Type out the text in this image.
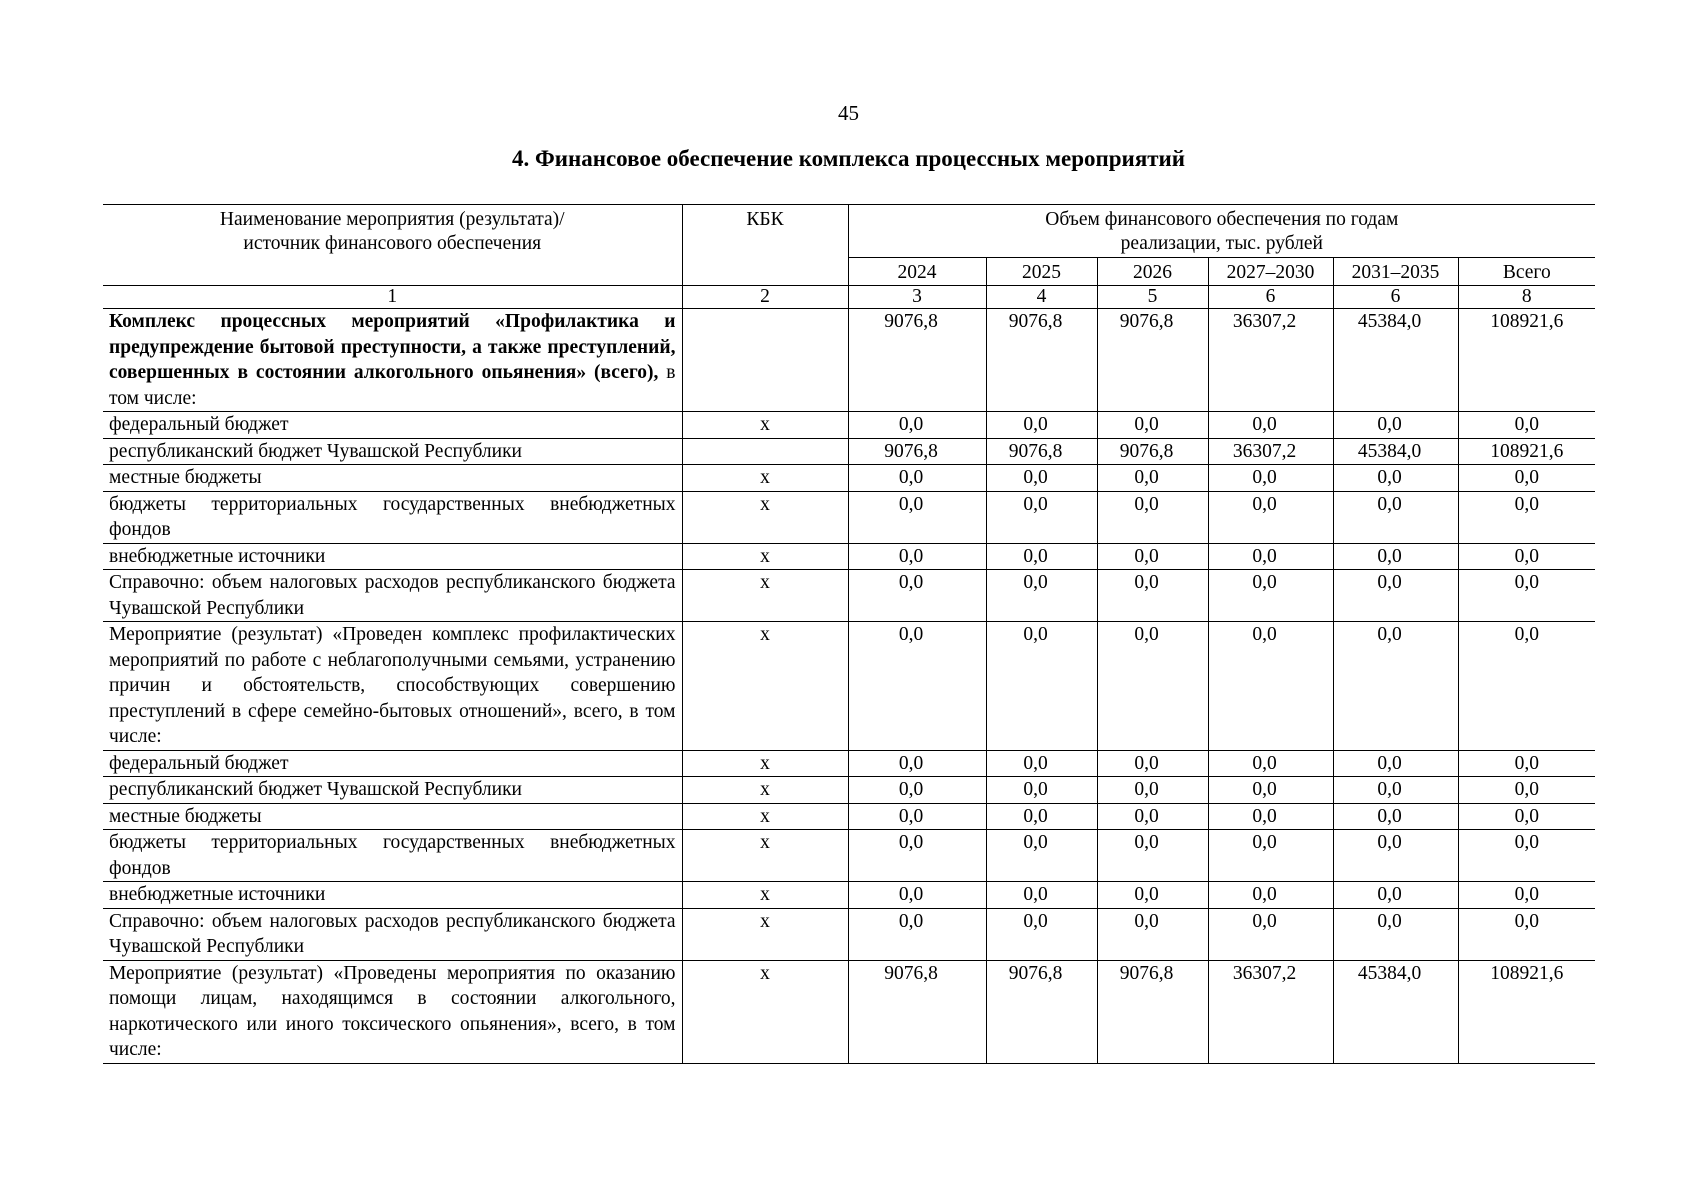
45
4. Финансовое обеспечение комплекса процессных мероприятий
Наименование мероприятия (результата)/
источник финансового обеспечения	КБК	Объем финансового обеспечения по годам
реализации, тыс. рублей					
		2024	2025	2026	2027–2030	2031–2035	Всего
1	2	3	4	5	6	6	8
Комплекс процессных мероприятий «Профилактика и предупреждение бытовой преступности, а также преступлений, совершенных в состоянии алкогольного опьянения» (всего), в том числе:		9076,8	9076,8	9076,8	36307,2	45384,0	108921,6
федеральный бюджет	x	0,0	0,0	0,0	0,0	0,0	0,0
республиканский бюджет Чувашской Республики		9076,8	9076,8	9076,8	36307,2	45384,0	108921,6
местные бюджеты	x	0,0	0,0	0,0	0,0	0,0	0,0
бюджеты территориальных государственных внебюджетных фондов	x	0,0	0,0	0,0	0,0	0,0	0,0
внебюджетные источники	x	0,0	0,0	0,0	0,0	0,0	0,0
Справочно: объем налоговых расходов республиканского бюджета Чувашской Республики	x	0,0	0,0	0,0	0,0	0,0	0,0
Мероприятие (результат) «Проведен комплекс профилактических мероприятий по работе с неблагополучными семьями, устранению причин и обстоятельств, способствующих совершению преступлений в сфере семейно-бытовых отношений», всего, в том числе:	x	0,0	0,0	0,0	0,0	0,0	0,0
федеральный бюджет	x	0,0	0,0	0,0	0,0	0,0	0,0
республиканский бюджет Чувашской Республики	x	0,0	0,0	0,0	0,0	0,0	0,0
местные бюджеты	x	0,0	0,0	0,0	0,0	0,0	0,0
бюджеты территориальных государственных внебюджетных фондов	x	0,0	0,0	0,0	0,0	0,0	0,0
внебюджетные источники	x	0,0	0,0	0,0	0,0	0,0	0,0
Справочно: объем налоговых расходов республиканского бюджета Чувашской Республики	x	0,0	0,0	0,0	0,0	0,0	0,0
Мероприятие (результат) «Проведены мероприятия по оказанию помощи лицам, находящимся в состоянии алкогольного, наркотического или иного токсического опьянения», всего, в том числе:	x	9076,8	9076,8	9076,8	36307,2	45384,0	108921,6
